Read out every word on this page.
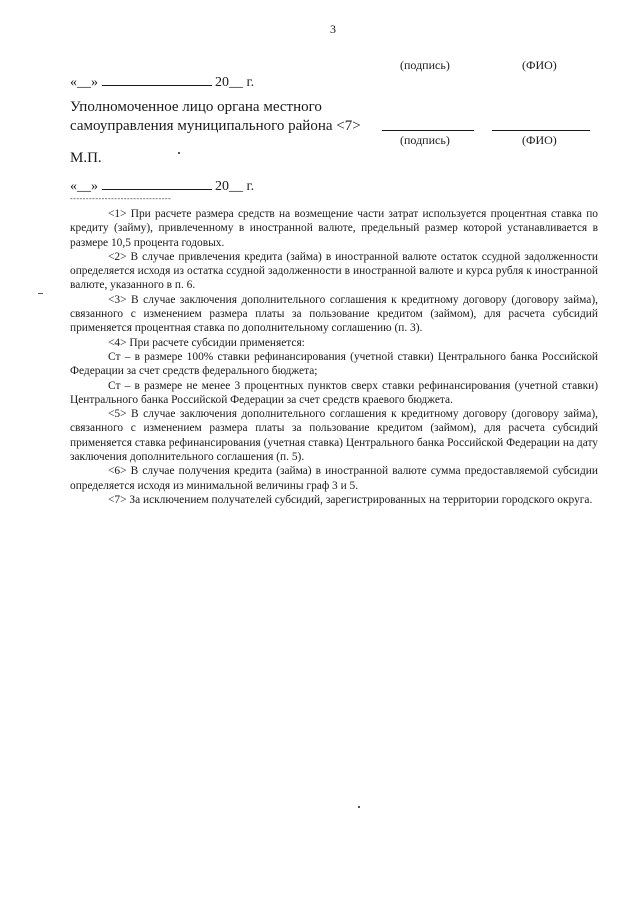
3
(подпись)	(ФИО)
«__»	20__ г.
Уполномоченное лицо органа местного
самоуправления муниципального района <7>
(подпись)	(ФИО)
М.П.
«__»	20__ г.
--------------------------------

<1> При расчете размера средств на возмещение части затрат используется процентная ставка по кредиту (займу), привлеченному в иностранной валюте, предельный размер которой устанавливается в размере 10,5 процента годовых.

<2> В случае привлечения кредита (займа) в иностранной валюте остаток ссудной задолженности определяется исходя из остатка ссудной задолженности в иностранной валюте и курса рубля к иностранной валюте, указанного в п. 6.

<3> В случае заключения дополнительного соглашения к кредитному договору (договору займа), связанного с изменением размера платы за пользование кредитом (займом), для расчета субсидий применяется процентная ставка по дополнительному соглашению (п. 3).

<4> При расчете субсидии применяется:

Ст – в размере 100% ставки рефинансирования (учетной ставки) Центрального банка Российской Федерации за счет средств федерального бюджета;

Ст – в размере не менее 3 процентных пунктов сверх ставки рефинансирования (учетной ставки) Центрального банка Российской Федерации за счет средств краевого бюджета.

<5> В случае заключения дополнительного соглашения к кредитному договору (договору займа), связанного с изменением размера платы за пользование кредитом (займом), для расчета субсидий применяется ставка рефинансирования (учетная ставка) Центрального банка Российской Федерации на дату заключения дополнительного соглашения (п. 5).

<6> В случае получения кредита (займа) в иностранной валюте сумма предоставляемой субсидии определяется исходя из минимальной величины граф 3 и 5.

<7> За исключением получателей субсидий, зарегистрированных на территории городского округа.
